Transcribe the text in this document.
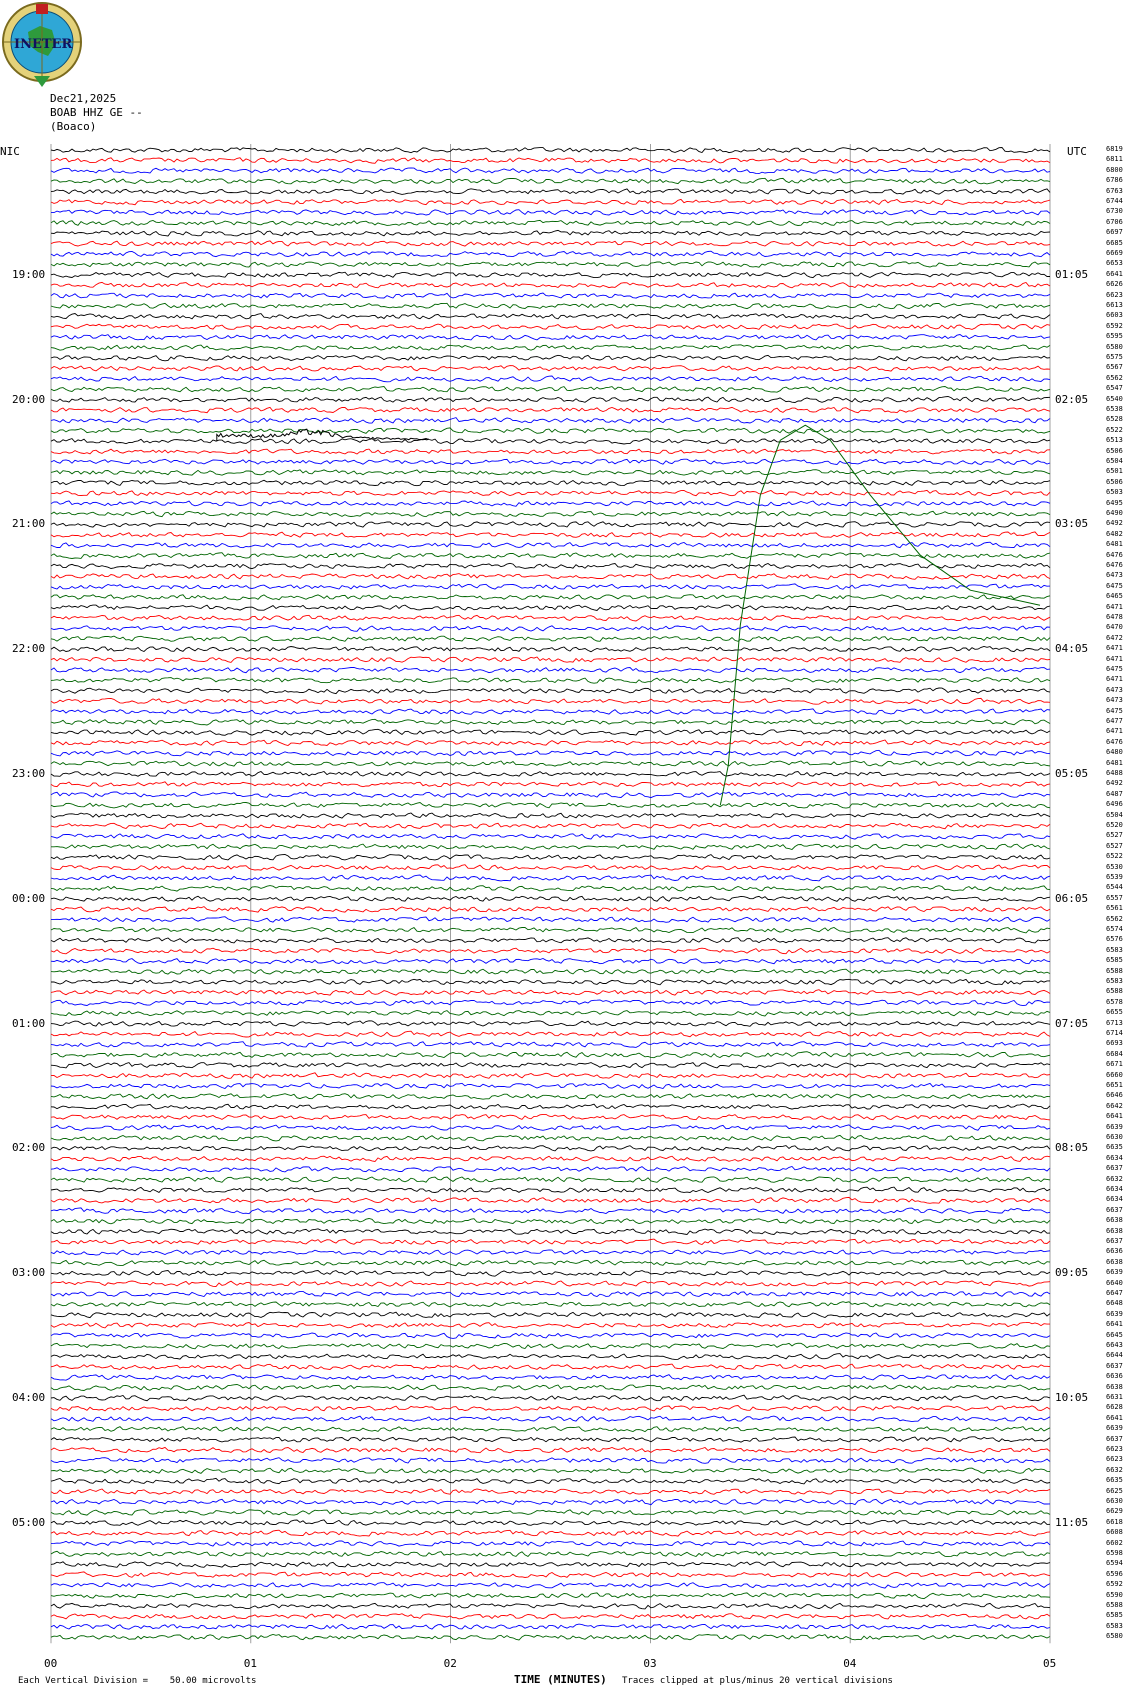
INETER
Dec21,2025
BOAB HHZ GE --
(Boaco)
NIC	UTC
19:00
20:00
21:00
22:00
23:00
00:00
01:00
02:00
03:00
04:00
05:00
01:05
02:05
03:05
04:05
05:05
06:05
07:05
08:05
09:05
10:05
11:05
6819
6811
6800
6786
6763
6744
6730
6706
6697
6685
6669
6653
6641
6626
6623
6613
6603
6592
6595
6580
6575
6567
6562
6547
6540
6538
6528
6522
6513
6506
6504
6501
6506
6503
6495
6490
6492
6482
6481
6476
6476
6473
6475
6465
6471
6478
6470
6472
6471
6471
6475
6471
6473
6473
6475
6477
6471
6476
6480
6481
6488
6492
6487
6496
6504
6520
6527
6527
6522
6530
6539
6544
6557
6561
6562
6574
6576
6583
6585
6588
6583
6588
6578
6655
6713
6714
6693
6684
6671
6660
6651
6646
6642
6641
6639
6630
6635
6634
6637
6632
6634
6634
6637
6638
6638
6637
6636
6638
6639
6640
6647
6648
6639
6641
6645
6643
6644
6637
6636
6638
6631
6628
6641
6639
6637
6623
6623
6632
6635
6625
6630
6629
6618
6608
6602
6598
6594
6596
6592
6590
6588
6585
6583
6580
00	01	02	03	04	05
Each Vertical Division =    50.00 microvolts	TIME (MINUTES) Traces clipped at plus/minus 20 vertical divisions
